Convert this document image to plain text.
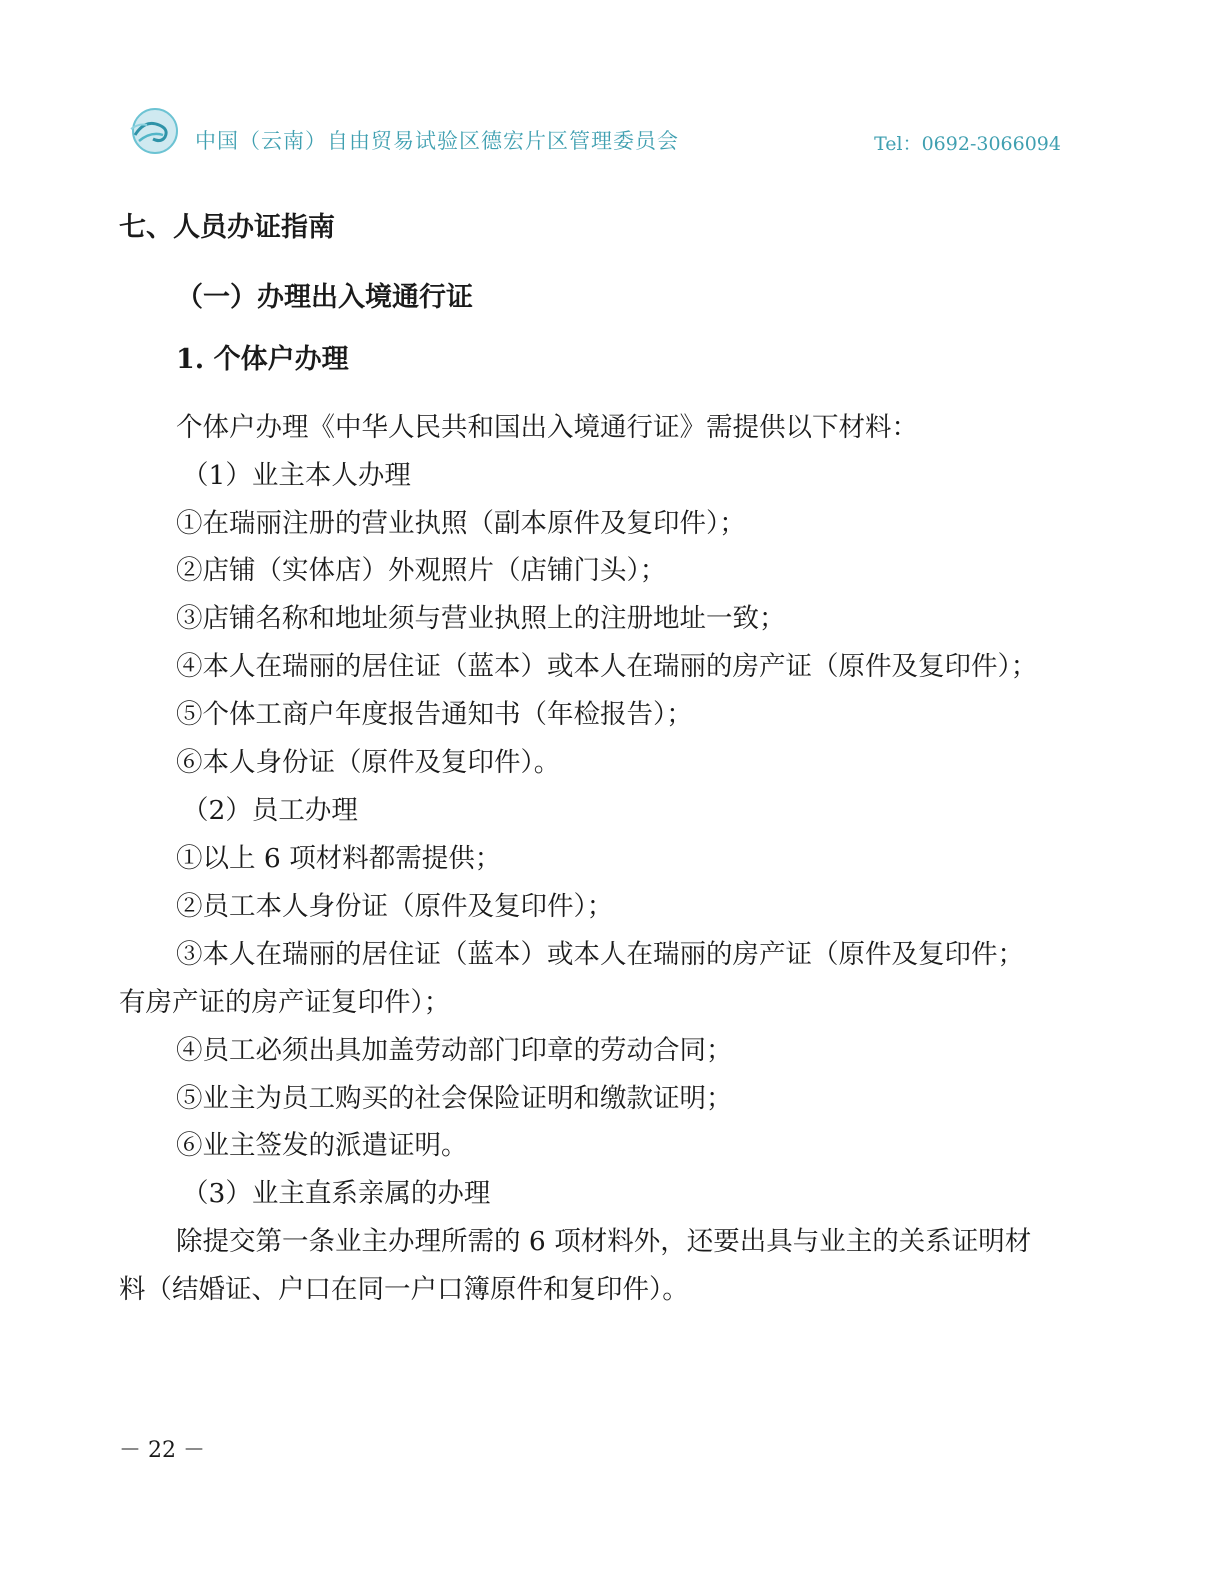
中国（云南）自由贸易试验区德宏片区管理委员会	Tel：0692-3066094
七、人员办证指南
（一）办理出入境通行证
1. 个体户办理
个体户办理《中华人民共和国出入境通行证》需提供以下材料：
（1）业主本人办理
①在瑞丽注册的营业执照（副本原件及复印件）；
②店铺（实体店）外观照片（店铺门头）；
③店铺名称和地址须与营业执照上的注册地址一致；
④本人在瑞丽的居住证（蓝本）或本人在瑞丽的房产证（原件及复印件）；
⑤个体工商户年度报告通知书（年检报告）；
⑥本人身份证（原件及复印件）。
（2）员工办理
①以上 6 项材料都需提供；
②员工本人身份证（原件及复印件）；
③本人在瑞丽的居住证（蓝本）或本人在瑞丽的房产证（原件及复印件；
有房产证的房产证复印件）；
④员工必须出具加盖劳动部门印章的劳动合同；
⑤业主为员工购买的社会保险证明和缴款证明；
⑥业主签发的派遣证明。
（3）业主直系亲属的办理
除提交第一条业主办理所需的 6 项材料外，还要出具与业主的关系证明材
料（结婚证、户口在同一户口簿原件和复印件）。
－ 22 －
